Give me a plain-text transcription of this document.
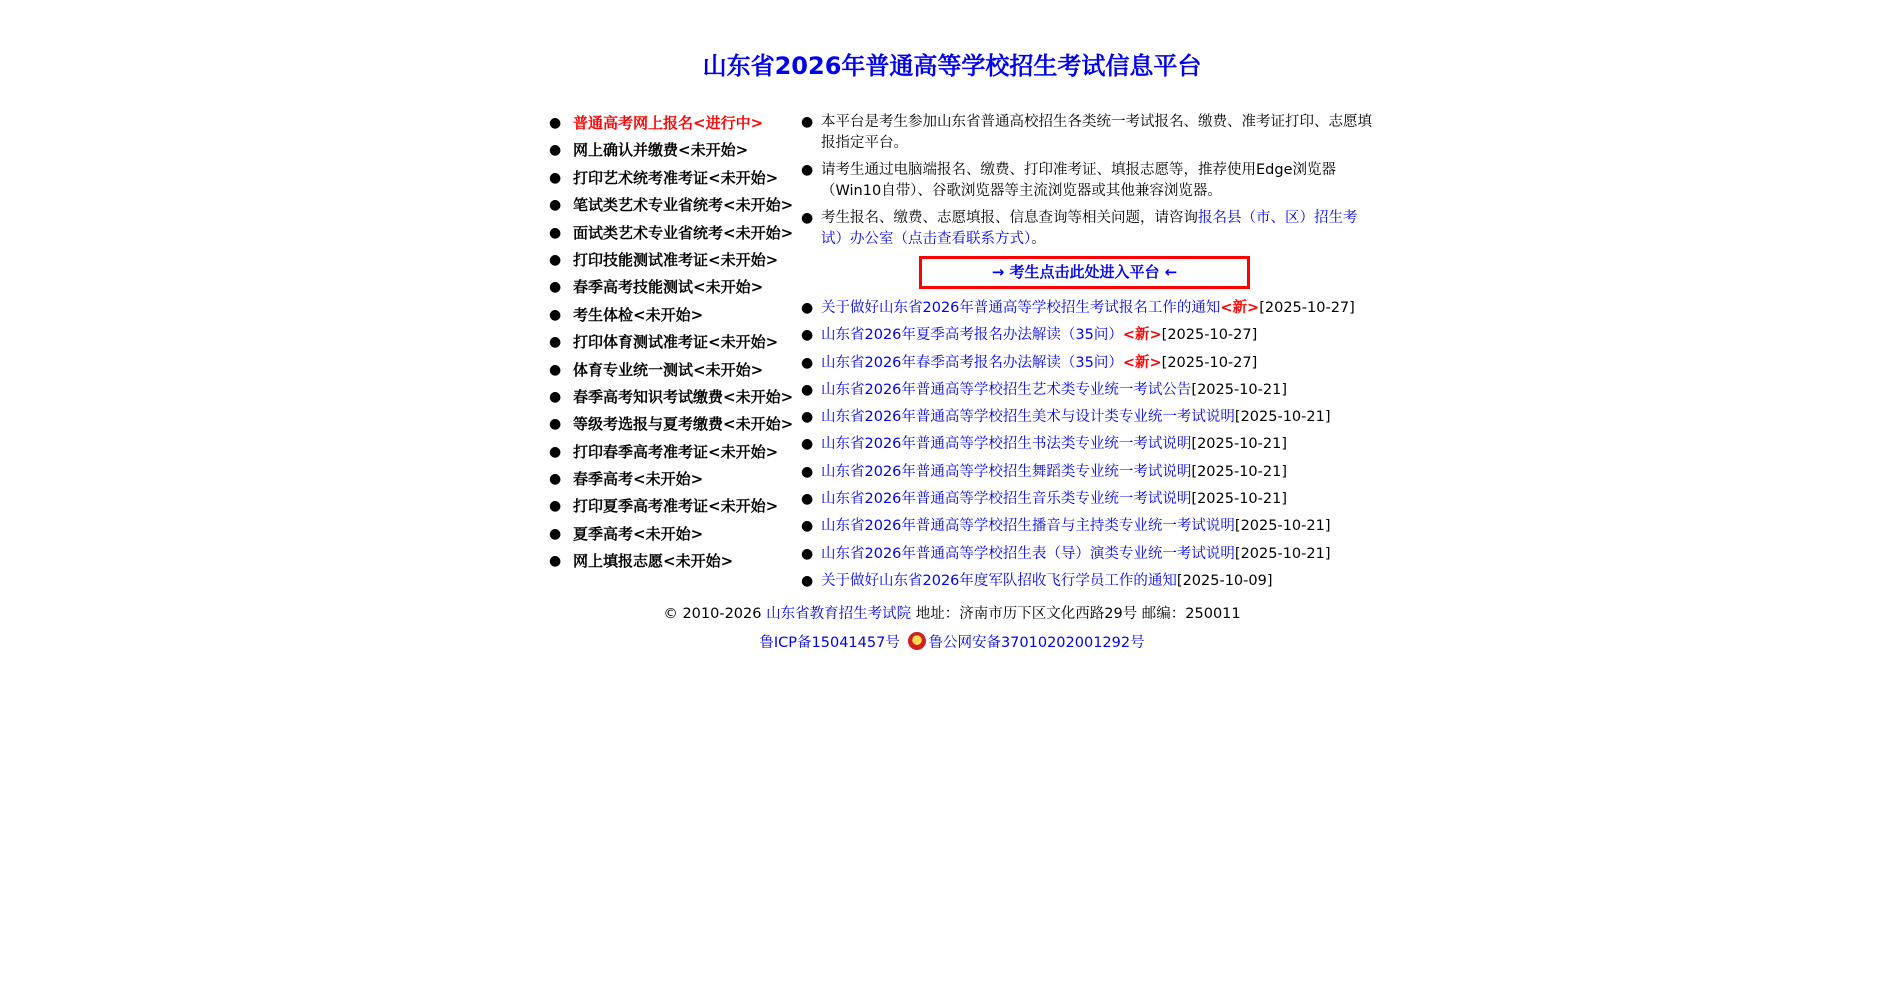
山东省2026年普通高等学校招生考试信息平台
● 普通高考网上报名<进行中>
● 网上确认并缴费<未开始>
● 打印艺术统考准考证<未开始>
● 笔试类艺术专业省统考<未开始>
● 面试类艺术专业省统考<未开始>
● 打印技能测试准考证<未开始>
● 春季高考技能测试<未开始>
● 考生体检<未开始>
● 打印体育测试准考证<未开始>
● 体育专业统一测试<未开始>
● 春季高考知识考试缴费<未开始>
● 等级考选报与夏考缴费<未开始>
● 打印春季高考准考证<未开始>
● 春季高考<未开始>
● 打印夏季高考准考证<未开始>
● 夏季高考<未开始>
● 网上填报志愿<未开始>
● 本平台是考生参加山东省普通高校招生各类统一考试报名、缴费、准考证打印、志愿填报指定平台。
● 请考生通过电脑端报名、缴费、打印准考证、填报志愿等，推荐使用Edge浏览器（Win10自带）、谷歌浏览器等主流浏览器或其他兼容浏览器。
● 考生报名、缴费、志愿填报、信息查询等相关问题，请咨询报名县（市、区）招生考试）办公室（点击查看联系方式）。
→ 考生点击此处进入平台 ←
● 关于做好山东省2026年普通高等学校招生考试报名工作的通知<新>[2025-10-27]
● 山东省2026年夏季高考报名办法解读（35问）<新>[2025-10-27]
● 山东省2026年春季高考报名办法解读（35问）<新>[2025-10-27]
● 山东省2026年普通高等学校招生艺术类专业统一考试公告[2025-10-21]
● 山东省2026年普通高等学校招生美术与设计类专业统一考试说明[2025-10-21]
● 山东省2026年普通高等学校招生书法类专业统一考试说明[2025-10-21]
● 山东省2026年普通高等学校招生舞蹈类专业统一考试说明[2025-10-21]
● 山东省2026年普通高等学校招生音乐类专业统一考试说明[2025-10-21]
● 山东省2026年普通高等学校招生播音与主持类专业统一考试说明[2025-10-21]
● 山东省2026年普通高等学校招生表（导）演类专业统一考试说明[2025-10-21]
● 关于做好山东省2026年度军队招收飞行学员工作的通知[2025-10-09]
© 2010-2026 山东省教育招生考试院 地址：济南市历下区文化西路29号 邮编：250011
鲁ICP备15041457号 鲁公网安备37010202001292号
